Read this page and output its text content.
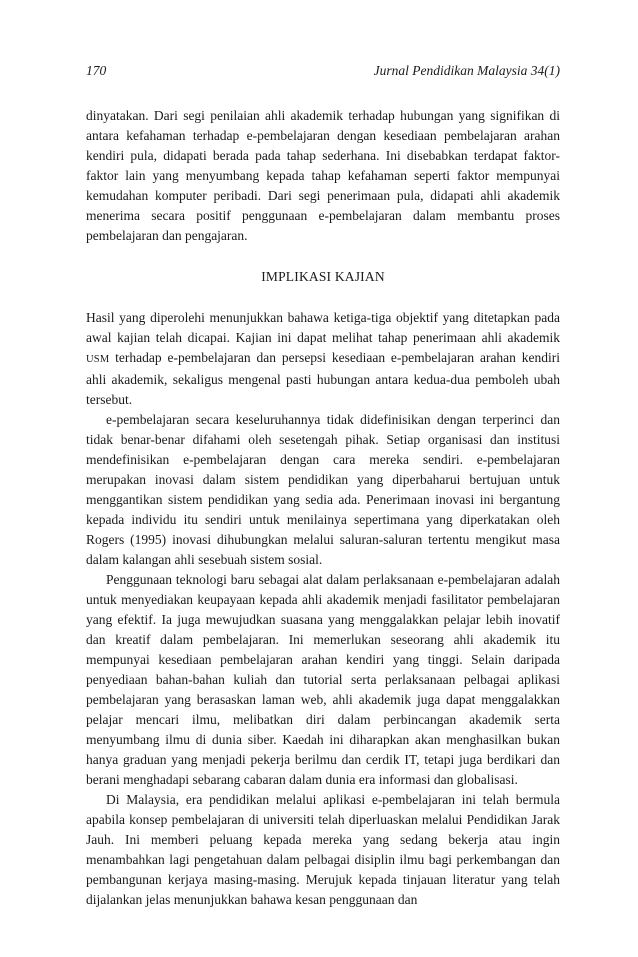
170	Jurnal Pendidikan Malaysia 34(1)

dinyatakan. Dari segi penilaian ahli akademik terhadap hubungan yang signifikan di antara kefahaman terhadap e-pembelajaran dengan kesediaan pembelajaran arahan kendiri pula, didapati berada pada tahap sederhana. Ini disebabkan terdapat faktor-faktor lain yang menyumbang kepada tahap kefahaman seperti faktor mempunyai kemudahan komputer peribadi. Dari segi penerimaan pula, didapati ahli akademik menerima secara positif penggunaan e-pembelajaran dalam membantu proses pembelajaran dan pengajaran.

IMPLIKASI KAJIAN

Hasil yang diperolehi menunjukkan bahawa ketiga-tiga objektif yang ditetapkan pada awal kajian telah dicapai. Kajian ini dapat melihat tahap penerimaan ahli akademik USM terhadap e-pembelajaran dan persepsi kesediaan e-pembelajaran arahan kendiri ahli akademik, sekaligus mengenal pasti hubungan antara kedua-dua pemboleh ubah tersebut.

e-pembelajaran secara keseluruhannya tidak didefinisikan dengan terperinci dan tidak benar-benar difahami oleh sesetengah pihak. Setiap organisasi dan institusi mendefinisikan e-pembelajaran dengan cara mereka sendiri. e-pembelajaran merupakan inovasi dalam sistem pendidikan yang diperbaharui bertujuan untuk menggantikan sistem pendidikan yang sedia ada. Penerimaan inovasi ini bergantung kepada individu itu sendiri untuk menilainya sepertimana yang diperkatakan oleh Rogers (1995) inovasi dihubungkan melalui saluran-saluran tertentu mengikut masa dalam kalangan ahli sesebuah sistem sosial.

Penggunaan teknologi baru sebagai alat dalam perlaksanaan e-pembelajaran adalah untuk menyediakan keupayaan kepada ahli akademik menjadi fasilitator pembelajaran yang efektif. Ia juga mewujudkan suasana yang menggalakkan pelajar lebih inovatif dan kreatif dalam pembelajaran. Ini memerlukan seseorang ahli akademik itu mempunyai kesediaan pembelajaran arahan kendiri yang tinggi. Selain daripada penyediaan bahan-bahan kuliah dan tutorial serta perlaksanaan pelbagai aplikasi pembelajaran yang berasaskan laman web, ahli akademik juga dapat menggalakkan pelajar mencari ilmu, melibatkan diri dalam perbincangan akademik serta menyumbang ilmu di dunia siber. Kaedah ini diharapkan akan menghasilkan bukan hanya graduan yang menjadi pekerja berilmu dan cerdik IT, tetapi juga berdikari dan berani menghadapi sebarang cabaran dalam dunia era informasi dan globalisasi.

Di Malaysia, era pendidikan melalui aplikasi e-pembelajaran ini telah bermula apabila konsep pembelajaran di universiti telah diperluaskan melalui Pendidikan Jarak Jauh. Ini memberi peluang kepada mereka yang sedang bekerja atau ingin menambahkan lagi pengetahuan dalam pelbagai disiplin ilmu bagi perkembangan dan pembangunan kerjaya masing-masing. Merujuk kepada tinjauan literatur yang telah dijalankan jelas menunjukkan bahawa kesan penggunaan dan
